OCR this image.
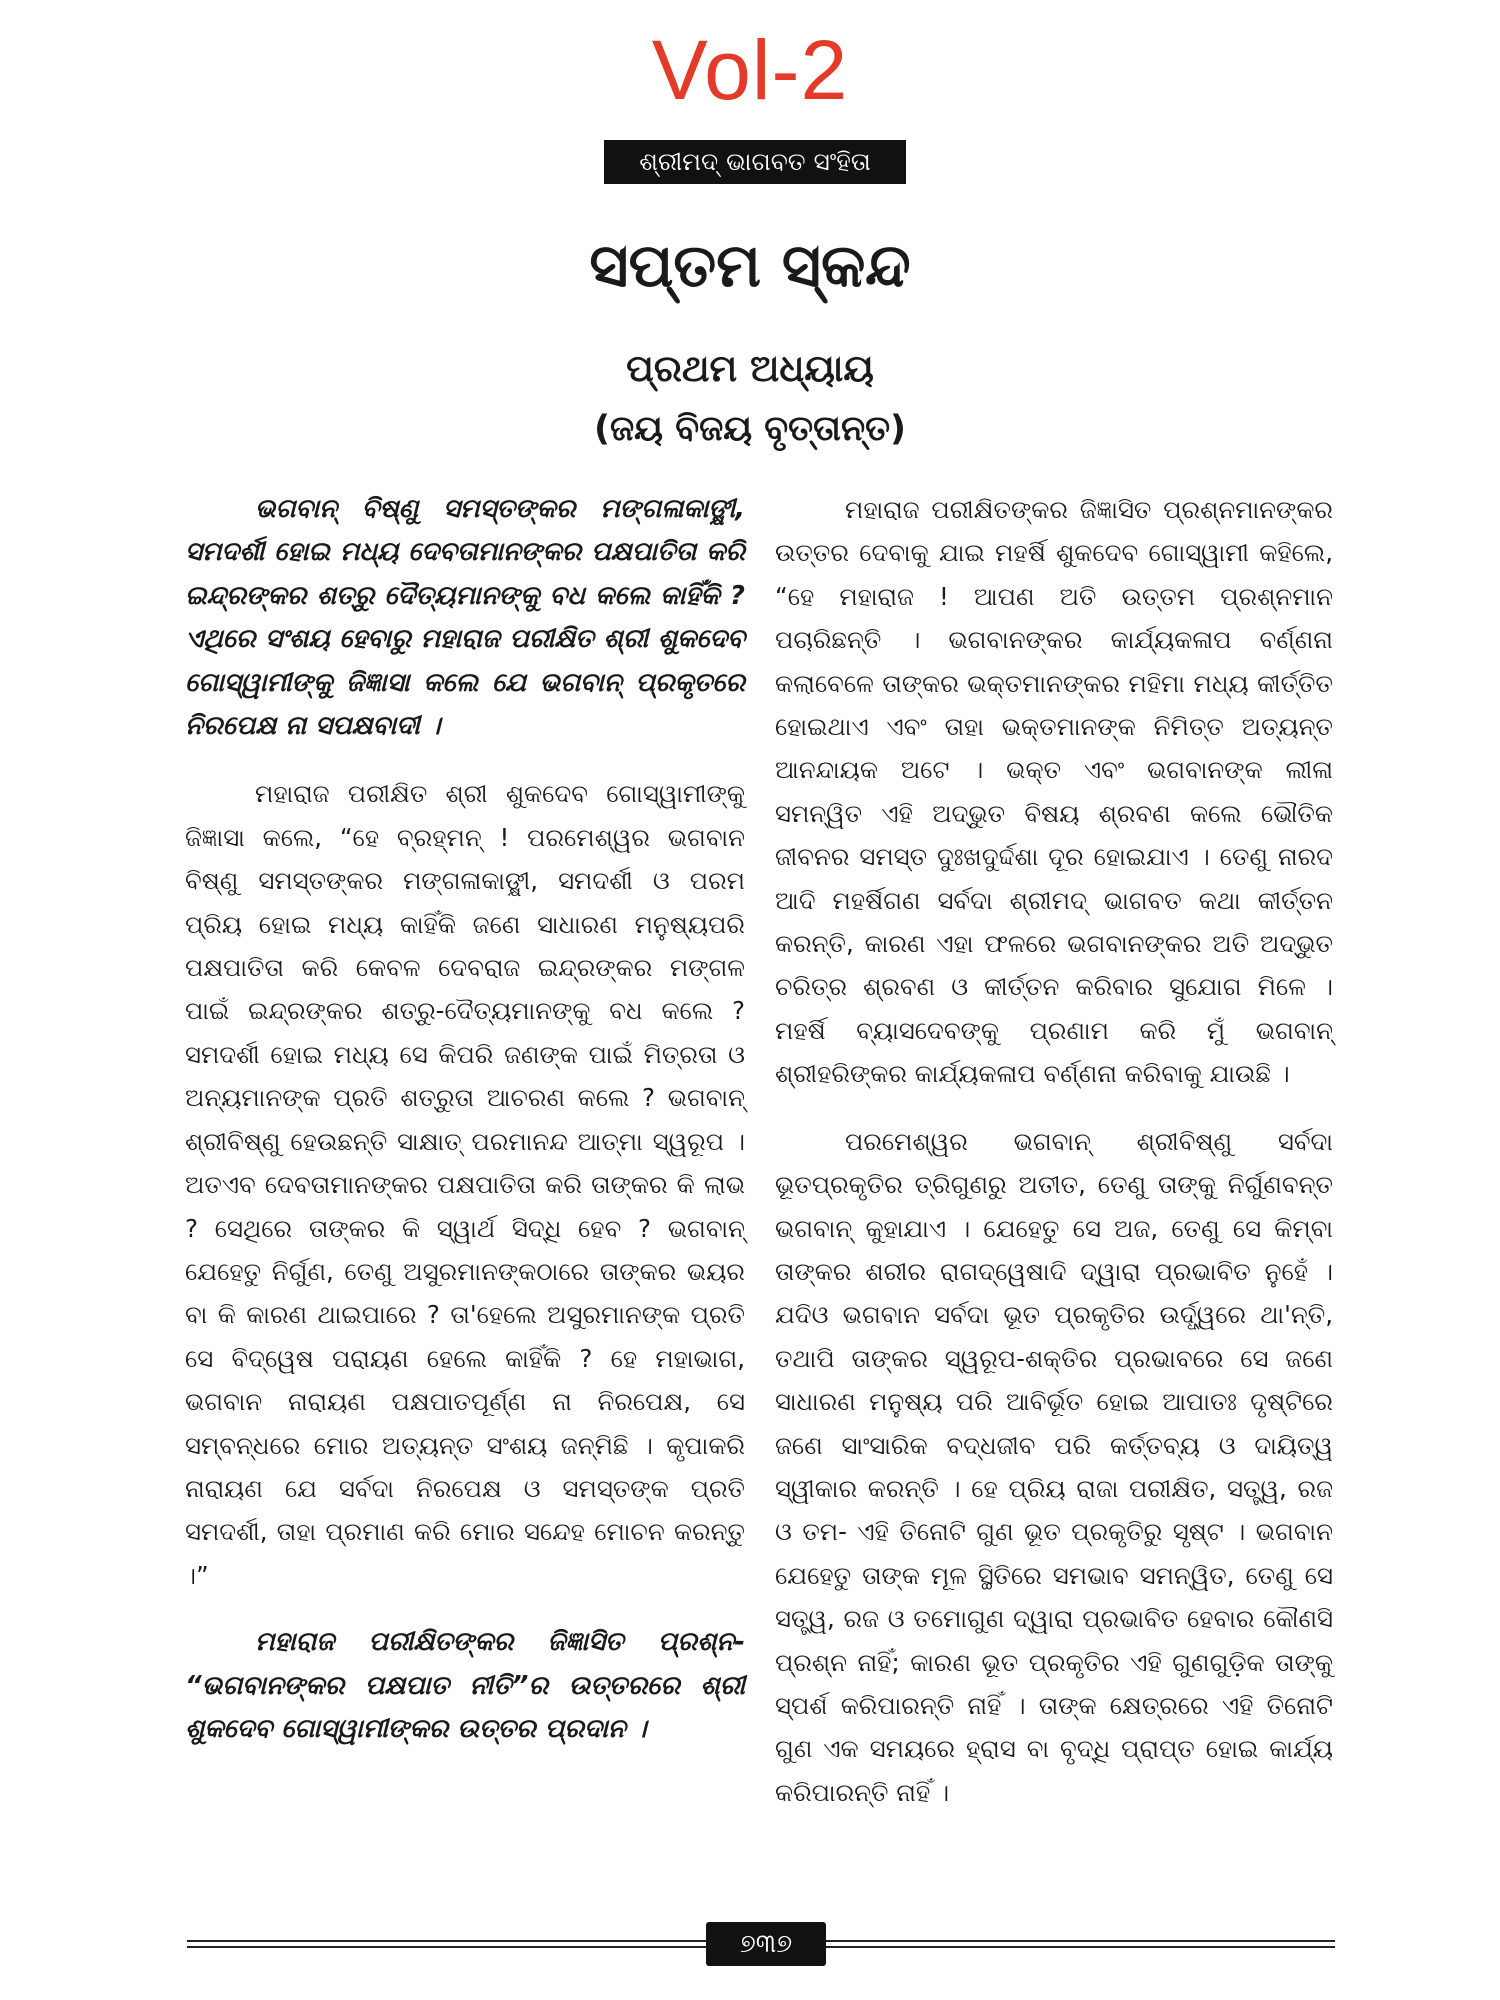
Vol-2
ଶ୍ରୀମଦ୍ ଭାଗବତ ସଂହିତା
ସପ୍ତମ ସ୍କନ୍ଦ
ପ୍ରଥମ ଅଧ୍ୟାୟ
(ଜୟ ବିଜୟ ବୃତ୍ତାନ୍ତ)

ଭଗବାନ୍ ବିଷ୍ଣୁ ସମସ୍ତଙ୍କର ମଙ୍ଗଳାକାଙ୍କ୍ଷୀ, ସମଦର୍ଶୀ ହୋଇ ମଧ୍ୟ ଦେବତାମାନଙ୍କର ପକ୍ଷପାତିତା କରି ଇନ୍ଦ୍ରଙ୍କର ଶତ୍ରୁ ଦୈତ୍ୟମାନଙ୍କୁ ବଧ କଲେ କାହିଁକି ? ଏଥିରେ ସଂଶୟ ହେବାରୁ ମହାରାଜ ପରୀକ୍ଷିତ ଶ୍ରୀ ଶୁକଦେବ ଗୋସ୍ୱାମୀଙ୍କୁ ଜିଜ୍ଞାସା କଲେ ଯେ ଭଗବାନ୍ ପ୍ରକୃତରେ ନିରପେକ୍ଷ ନା ସପକ୍ଷବାଦୀ ।

ମହାରାଜ ପରୀକ୍ଷିତ ଶ୍ରୀ ଶୁକଦେବ ଗୋସ୍ୱାମୀଙ୍କୁ ଜିଜ୍ଞାସା କଲେ, “ହେ ବ୍ରହ୍ମନ୍ ! ପରମେଶ୍ୱର ଭଗବାନ ବିଷ୍ଣୁ ସମସ୍ତଙ୍କର ମଙ୍ଗଳାକାଙ୍କ୍ଷୀ, ସମଦର୍ଶୀ ଓ ପରମ ପ୍ରିୟ ହୋଇ ମଧ୍ୟ କାହିଁକି ଜଣେ ସାଧାରଣ ମନୁଷ୍ୟପରି ପକ୍ଷପାତିତା କରି କେବଳ ଦେବରାଜ ଇନ୍ଦ୍ରଙ୍କର ମଙ୍ଗଳ ପାଇଁ ଇନ୍ଦ୍ରଙ୍କର ଶତ୍ରୁ-ଦୈତ୍ୟମାନଙ୍କୁ ବଧ କଲେ ? ସମଦର୍ଶୀ ହୋଇ ମଧ୍ୟ ସେ କିପରି ଜଣଙ୍କ ପାଇଁ ମିତ୍ରତା ଓ ଅନ୍ୟମାନଙ୍କ ପ୍ରତି ଶତ୍ରୁତା ଆଚରଣ କଲେ ? ଭଗବାନ୍ ଶ୍ରୀବିଷ୍ଣୁ ହେଉଛନ୍ତି ସାକ୍ଷାତ୍ ପରମାନନ୍ଦ ଆତ୍ମା ସ୍ୱରୂପ । ଅତଏବ ଦେବତାମାନଙ୍କର ପକ୍ଷପାତିତା କରି ତାଙ୍କର କି ଲାଭ ? ସେଥିରେ ତାଙ୍କର କି ସ୍ୱାର୍ଥ ସିଦ୍ଧି ହେବ ? ଭଗବାନ୍ ଯେହେତୁ ନିର୍ଗୁଣ, ତେଣୁ ଅସୁରମାନଙ୍କଠାରେ ତାଙ୍କର ଭୟର ବା କି କାରଣ ଥାଇପାରେ ? ତା'ହେଲେ ଅସୁରମାନଙ୍କ ପ୍ରତି ସେ ବିଦ୍ୱେଷ ପରାୟଣ ହେଲେ କାହିଁକି ? ହେ ମହାଭାଗ, ଭଗବାନ ନାରାୟଣ ପକ୍ଷପାତପୂର୍ଣ୍ଣ ନା ନିରପେକ୍ଷ, ସେ ସମ୍ବନ୍ଧରେ ମୋର ଅତ୍ୟନ୍ତ ସଂଶୟ ଜନ୍ମିଛି । କୃପାକରି ନାରାୟଣ ଯେ ସର୍ବଦା ନିରପେକ୍ଷ ଓ ସମସ୍ତଙ୍କ ପ୍ରତି ସମଦର୍ଶୀ, ତାହା ପ୍ରମାଣ କରି ମୋର ସନ୍ଦେହ ମୋଚନ କରନ୍ତୁ ।”

ମହାରାଜ ପରୀକ୍ଷିତଙ୍କର ଜିଜ୍ଞାସିତ ପ୍ରଶ୍ନ- “ଭଗବାନଙ୍କର ପକ୍ଷପାତ ନୀତି”ର ଉତ୍ତରରେ ଶ୍ରୀ ଶୁକଦେବ ଗୋସ୍ୱାମୀଙ୍କର ଉତ୍ତର ପ୍ରଦାନ ।

ମହାରାଜ ପରୀକ୍ଷିତଙ୍କର ଜିଜ୍ଞାସିତ ପ୍ରଶ୍ନମାନଙ୍କର ଉତ୍ତର ଦେବାକୁ ଯାଇ ମହର୍ଷି ଶୁକଦେବ ଗୋସ୍ୱାମୀ କହିଲେ, “ହେ ମହାରାଜ ! ଆପଣ ଅତି ଉତ୍ତମ ପ୍ରଶ୍ନମାନ ପଚାରିଛନ୍ତି । ଭଗବାନଙ୍କର କାର୍ଯ୍ୟକଳାପ ବର୍ଣ୍ଣନା କଲାବେଳେ ତାଙ୍କର ଭକ୍ତମାନଙ୍କର ମହିମା ମଧ୍ୟ କୀର୍ତ୍ତିତ ହୋଇଥାଏ ଏବଂ ତାହା ଭକ୍ତମାନଙ୍କ ନିମିତ୍ତ ଅତ୍ୟନ୍ତ ଆନନ୍ଦାୟକ ଅଟେ । ଭକ୍ତ ଏବଂ ଭଗବାନଙ୍କ ଲୀଳା ସମନ୍ୱିତ ଏହି ଅଦ୍ଭୁତ ବିଷୟ ଶ୍ରବଣ କଲେ ଭୌତିକ ଜୀବନର ସମସ୍ତ ଦୁଃଖଦୁର୍ଦ୍ଦଶା ଦୂର ହୋଇଯାଏ । ତେଣୁ ନାରଦ ଆଦି ମହର୍ଷିଗଣ ସର୍ବଦା ଶ୍ରୀମଦ୍ ଭାଗବତ କଥା କୀର୍ତ୍ତନ କରନ୍ତି, କାରଣ ଏହା ଫଳରେ ଭଗବାନଙ୍କର ଅତି ଅଦ୍ଭୁତ ଚରିତ୍ର ଶ୍ରବଣ ଓ କୀର୍ତ୍ତନ କରିବାର ସୁଯୋଗ ମିଳେ । ମହର୍ଷି ବ୍ୟାସଦେବଙ୍କୁ ପ୍ରଣାମ କରି ମୁଁ ଭଗବାନ୍ ଶ୍ରୀହରିଙ୍କର କାର୍ଯ୍ୟକଳାପ ବର୍ଣ୍ଣନା କରିବାକୁ ଯାଉଛି ।

ପରମେଶ୍ୱର ଭଗବାନ୍ ଶ୍ରୀବିଷ୍ଣୁ ସର୍ବଦା ଭୂତପ୍ରକୃତିର ତ୍ରିଗୁଣରୁ ଅତୀତ, ତେଣୁ ତାଙ୍କୁ ନିର୍ଗୁଣବନ୍ତ ଭଗବାନ୍ କୁହାଯାଏ । ଯେହେତୁ ସେ ଅଜ, ତେଣୁ ସେ କିମ୍ବା ତାଙ୍କର ଶରୀର ରାଗଦ୍ୱେଷାଦି ଦ୍ୱାରା ପ୍ରଭାବିତ ନୁହେଁ । ଯଦିଓ ଭଗବାନ ସର୍ବଦା ଭୂତ ପ୍ରକୃତିର ଉର୍ଦ୍ଧ୍ୱରେ ଥା'ନ୍ତି, ତଥାପି ତାଙ୍କର ସ୍ୱରୂପ-ଶକ୍ତିର ପ୍ରଭାବରେ ସେ ଜଣେ ସାଧାରଣ ମନୁଷ୍ୟ ପରି ଆବିର୍ଭୂତ ହୋଇ ଆପାତଃ ଦୃଷ୍ଟିରେ ଜଣେ ସାଂସାରିକ ବଦ୍ଧଜୀବ ପରି କର୍ତ୍ତବ୍ୟ ଓ ଦାୟିତ୍ୱ ସ୍ୱୀକାର କରନ୍ତି । ହେ ପ୍ରିୟ ରାଜା ପରୀକ୍ଷିତ, ସତ୍ତ୍ୱ, ରଜ ଓ ତମ- ଏହି ତିନୋଟି ଗୁଣ ଭୂତ ପ୍ରକୃତିରୁ ସୃଷ୍ଟ । ଭଗବାନ ଯେହେତୁ ତାଙ୍କ ମୂଳ ସ୍ଥିତିରେ ସମଭାବ ସମନ୍ୱିତ, ତେଣୁ ସେ ସତ୍ତ୍ୱ, ରଜ ଓ ତମୋଗୁଣ ଦ୍ୱାରା ପ୍ରଭାବିତ ହେବାର କୌଣସି ପ୍ରଶ୍ନ ନାହିଁ; କାରଣ ଭୂତ ପ୍ରକୃତିର ଏହି ଗୁଣଗୁଡ଼ିକ ତାଙ୍କୁ ସ୍ପର୍ଶ କରିପାରନ୍ତି ନାହିଁ । ତାଙ୍କ କ୍ଷେତ୍ରରେ ଏହି ତିନୋଟି ଗୁଣ ଏକ ସମୟରେ ହ୍ରାସ ବା ବୃଦ୍ଧି ପ୍ରାପ୍ତ ହୋଇ କାର୍ଯ୍ୟ କରିପାରନ୍ତି ନାହିଁ ।

୭୩୭
